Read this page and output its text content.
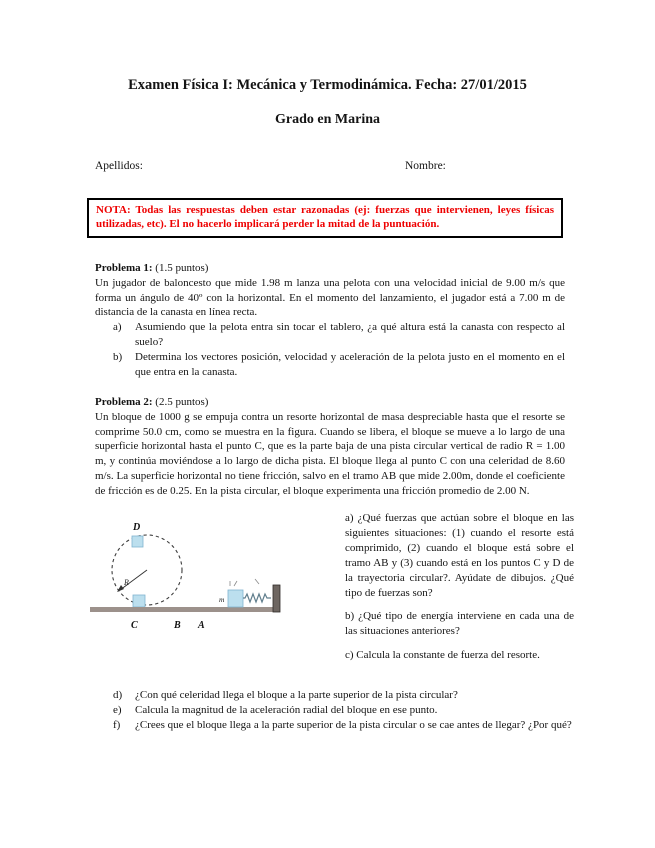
Examen Física I: Mecánica y Termodinámica. Fecha: 27/01/2015
Grado en Marina
Apellidos:	Nombre:
NOTA: Todas las respuestas deben estar razonadas (ej: fuerzas que intervienen, leyes físicas utilizadas, etc). El no hacerlo implicará perder la mitad de la puntuación.
Problema 1: (1.5 puntos)

Un jugador de baloncesto que mide 1.98 m lanza una pelota con una velocidad inicial de 9.00 m/s que forma un ángulo de 40º con la horizontal. En el momento del lanzamiento, el jugador está a 7.00 m de distancia de la canasta en línea recta.

a)	Asumiendo que la pelota entra sin tocar el tablero, ¿a qué altura está la canasta con respecto al suelo?
b)	Determina los vectores posición, velocidad y aceleración de la pelota justo en el momento en el que entra en la canasta.
Problema 2: (2.5 puntos)

Un bloque de 1000 g se empuja contra un resorte horizontal de masa despreciable hasta que el resorte se comprime 50.0 cm, como se muestra en la figura. Cuando se libera, el bloque se mueve a lo largo de una superficie horizontal hasta el punto C, que es la parte baja de una pista circular vertical de radio R = 1.00 m, y continúa moviéndose a lo largo de dicha pista. El bloque llega al punto C con una celeridad de 8.60 m/s. La superficie horizontal no tiene fricción, salvo en el tramo AB que mide 2.00m, donde el coeficiente de fricción es de 0.25. En la pista circular, el bloque experimenta una fricción promedio de 2.00 N.

R
m
D
C	B A

a) ¿Qué fuerzas que actúan sobre el bloque en las siguientes situaciones: (1) cuando el resorte está comprimido, (2) cuando el bloque está sobre el tramo AB y (3) cuando está en los puntos C y D de la trayectoria circular?. Ayúdate de dibujos. ¿Qué tipo de fuerzas son?

b) ¿Qué tipo de energía interviene en cada una de las situaciones anteriores?

c) Calcula la constante de fuerza del resorte.

d)	¿Con qué celeridad llega el bloque a la parte superior de la pista circular?
e)	Calcula la magnitud de la aceleración radial del bloque en ese punto.
f)	¿Crees que el bloque llega a la parte superior de la pista circular o se cae antes de llegar? ¿Por qué?
